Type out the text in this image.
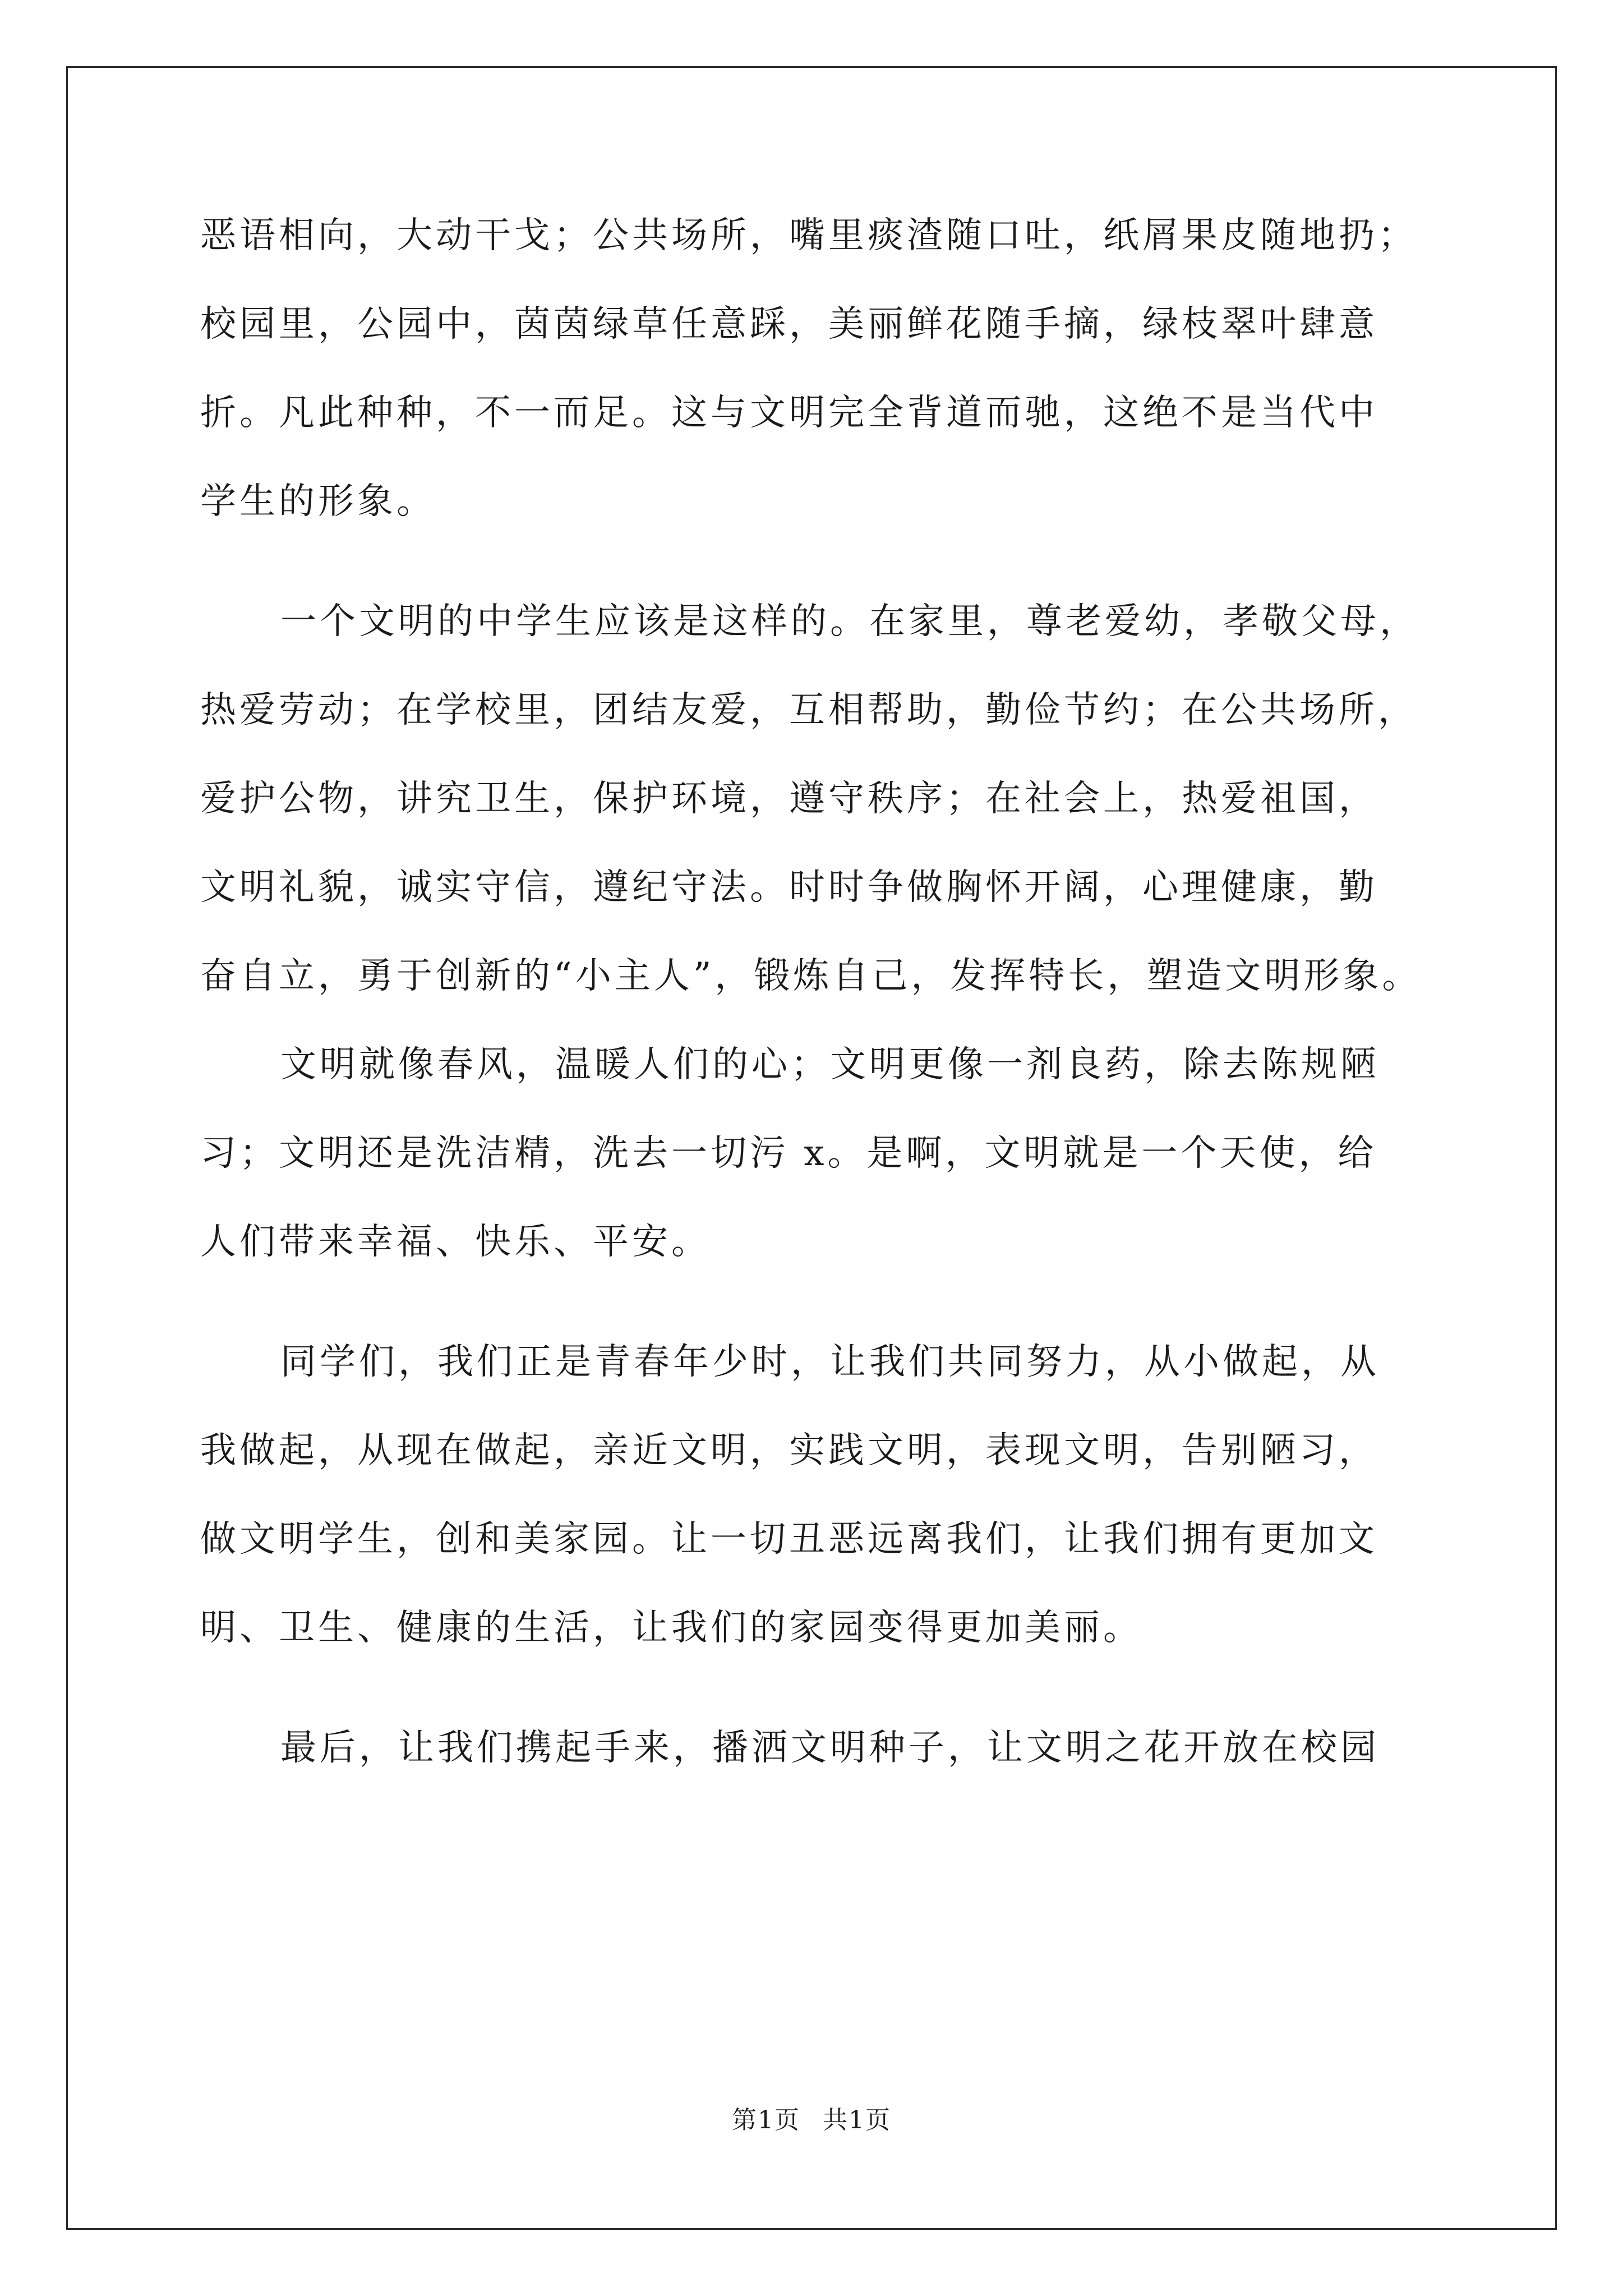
恶语相向，大动干戈；公共场所，嘴里痰渣随口吐，纸屑果皮随地扔；
校园里，公园中，茵茵绿草任意踩，美丽鲜花随手摘，绿枝翠叶肆意
折。凡此种种，不一而足。这与文明完全背道而驰，这绝不是当代中
学生的形象。
一个文明的中学生应该是这样的。在家里，尊老爱幼，孝敬父母，
热爱劳动；在学校里，团结友爱，互相帮助，勤俭节约；在公共场所，
爱护公物，讲究卫生，保护环境，遵守秩序；在社会上，热爱祖国，
文明礼貌，诚实守信，遵纪守法。时时争做胸怀开阔，心理健康，勤
奋自立，勇于创新的“小主人”，锻炼自己，发挥特长，塑造文明形象。
文明就像春风，温暖人们的心；文明更像一剂良药，除去陈规陋
习；文明还是洗洁精，洗去一切污 x。是啊，文明就是一个天使，给
人们带来幸福、快乐、平安。
同学们，我们正是青春年少时，让我们共同努力，从小做起，从
我做起，从现在做起，亲近文明，实践文明，表现文明，告别陋习，
做文明学生，创和美家园。让一切丑恶远离我们，让我们拥有更加文
明、卫生、健康的生活，让我们的家园变得更加美丽。
最后，让我们携起手来，播洒文明种子，让文明之花开放在校园
第1页 共1页
